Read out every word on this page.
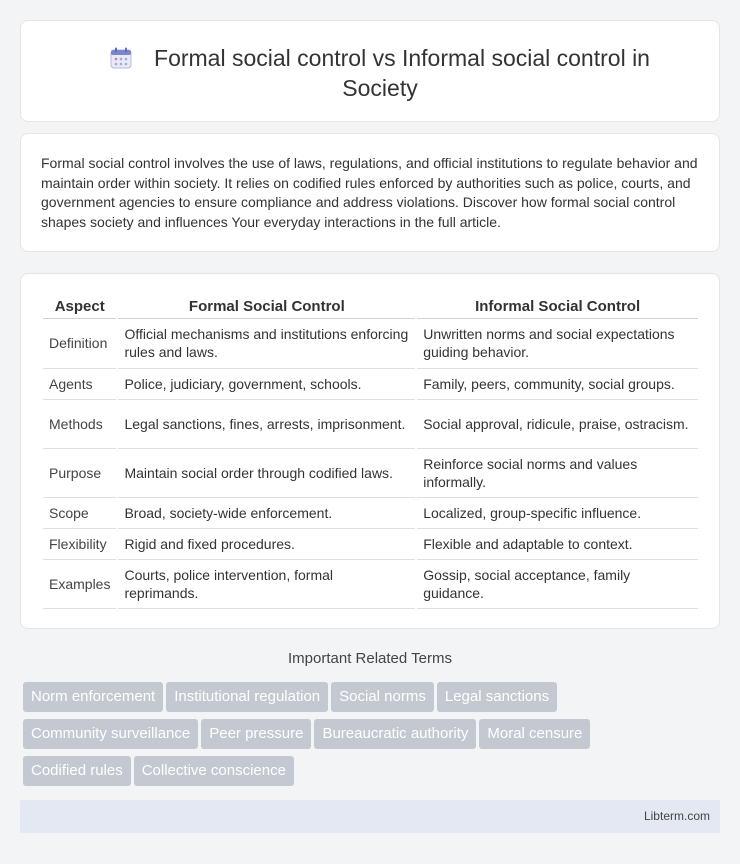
Formal social control vs Informal social control in Society

Formal social control involves the use of laws, regulations, and official institutions to regulate behavior and maintain order within society. It relies on codified rules enforced by authorities such as police, courts, and government agencies to ensure compliance and address violations. Discover how formal social control shapes society and influences Your everyday interactions in the full article.

Aspect	Formal Social Control	Informal Social Control
Definition	Official mechanisms and institutions enforcing rules and laws.	Unwritten norms and social expectations guiding behavior.
Agents	Police, judiciary, government, schools.	Family, peers, community, social groups.
Methods	Legal sanctions, fines, arrests, imprisonment.	Social approval, ridicule, praise, ostracism.
Purpose	Maintain social order through codified laws.	Reinforce social norms and values informally.
Scope	Broad, society-wide enforcement.	Localized, group-specific influence.
Flexibility	Rigid and fixed procedures.	Flexible and adaptable to context.
Examples	Courts, police intervention, formal reprimands.	Gossip, social acceptance, family guidance.
Important Related Terms
Norm enforcement Institutional regulation Social norms Legal sanctions
Community surveillance Peer pressure Bureaucratic authority Moral censure
Codified rules Collective conscience
Libterm.com
